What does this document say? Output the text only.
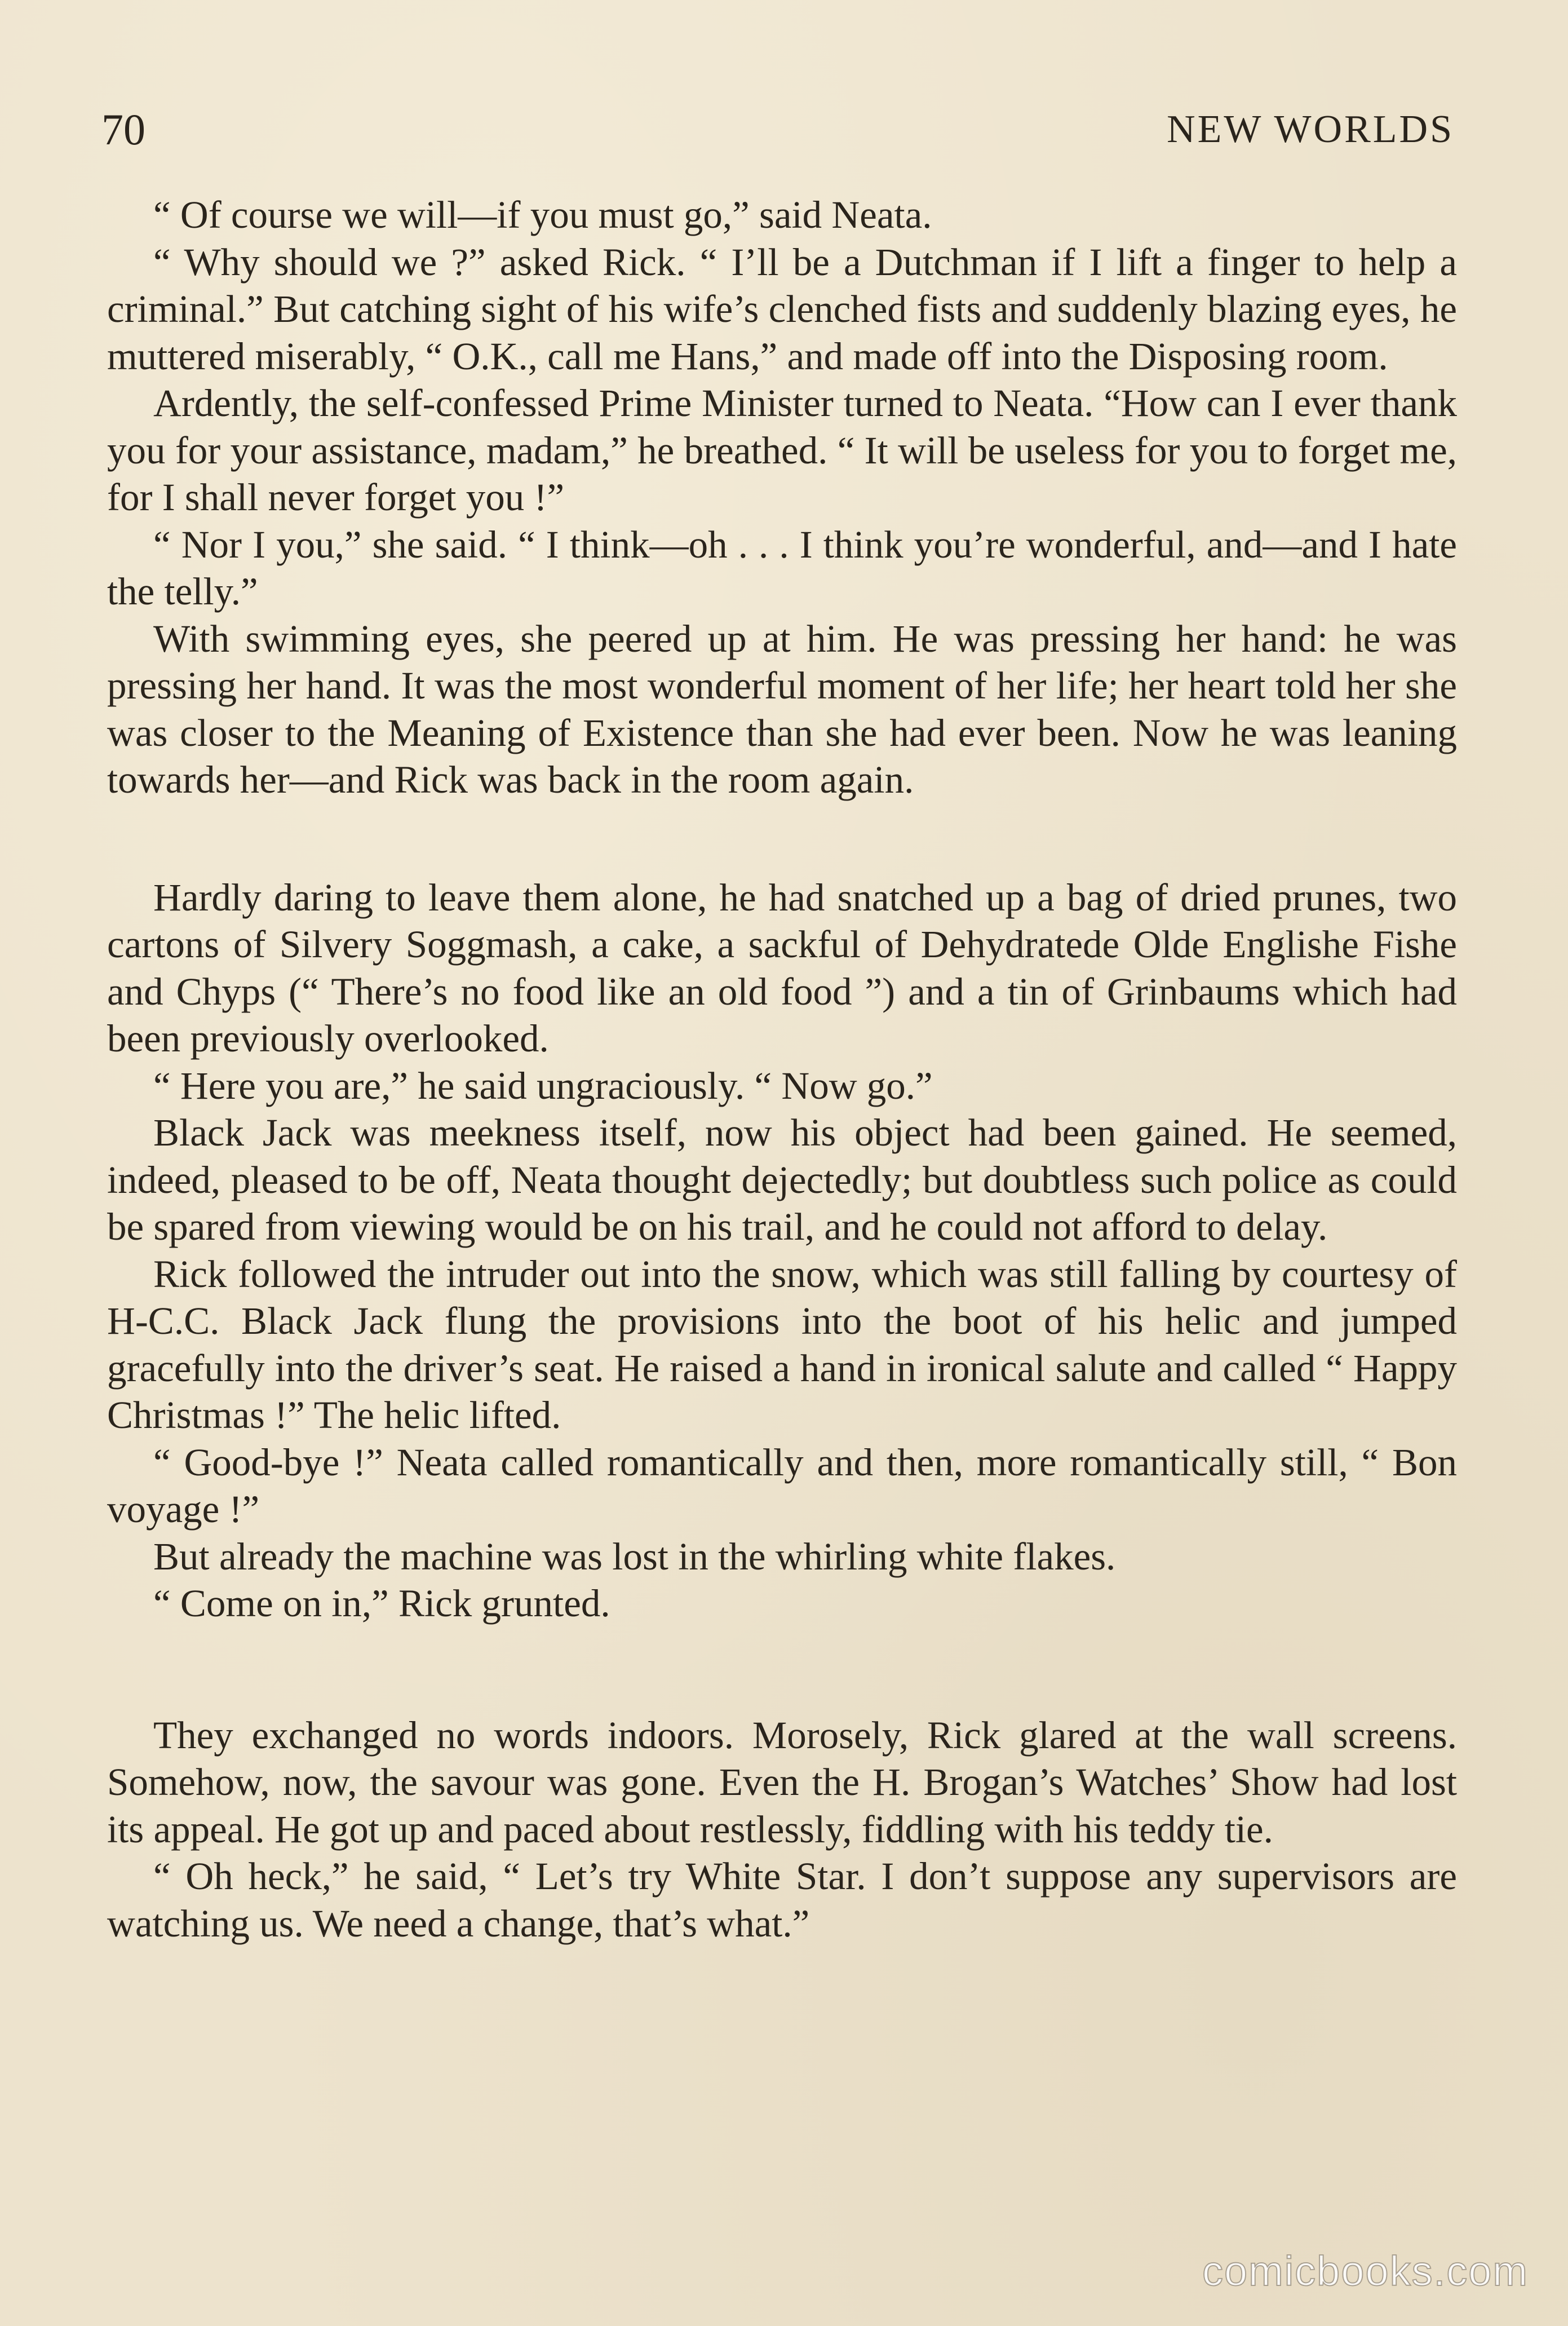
70	NEW WORLDS

“ Of course we will—if you must go,” said Neata.

“ Why should we ?” asked Rick. “ I’ll be a Dutchman if I lift a finger to help a criminal.” But catching sight of his wife’s clenched fists and suddenly blazing eyes, he muttered miserably, “ O.K., call me Hans,” and made off into the Disposing room.

Ardently, the self-confessed Prime Minister turned to Neata. “How can I ever thank you for your assistance, madam,” he breathed. “ It will be useless for you to forget me, for I shall never forget you !”

“ Nor I you,” she said. “ I think—oh . . . I think you’re wonderful, and—and I hate the telly.”

With swimming eyes, she peered up at him. He was pressing her hand: he was pressing her hand. It was the most wonderful moment of her life; her heart told her she was closer to the Meaning of Existence than she had ever been. Now he was leaning towards her—and Rick was back in the room again.

Hardly daring to leave them alone, he had snatched up a bag of dried prunes, two cartons of Silvery Soggmash, a cake, a sackful of Dehydratede Olde Englishe Fishe and Chyps (“ There’s no food like an old food ”) and a tin of Grinbaums which had been previously overlooked.

“ Here you are,” he said ungraciously. “ Now go.”

Black Jack was meekness itself, now his object had been gained. He seemed, indeed, pleased to be off, Neata thought dejectedly; but doubtless such police as could be spared from viewing would be on his trail, and he could not afford to delay.

Rick followed the intruder out into the snow, which was still falling by courtesy of H-C.C. Black Jack flung the provisions into the boot of his helic and jumped gracefully into the driver’s seat. He raised a hand in ironical salute and called “ Happy Christmas !” The helic lifted.

“ Good-bye !” Neata called romantically and then, more romantically still, “ Bon voyage !”

But already the machine was lost in the whirling white flakes.

“ Come on in,” Rick grunted.

They exchanged no words indoors. Morosely, Rick glared at the wall screens. Somehow, now, the savour was gone. Even the H. Brogan’s Watches’ Show had lost its appeal. He got up and paced about restlessly, fiddling with his teddy tie.

“ Oh heck,” he said, “ Let’s try White Star. I don’t suppose any supervisors are watching us. We need a change, that’s what.”

comicbooks.com
